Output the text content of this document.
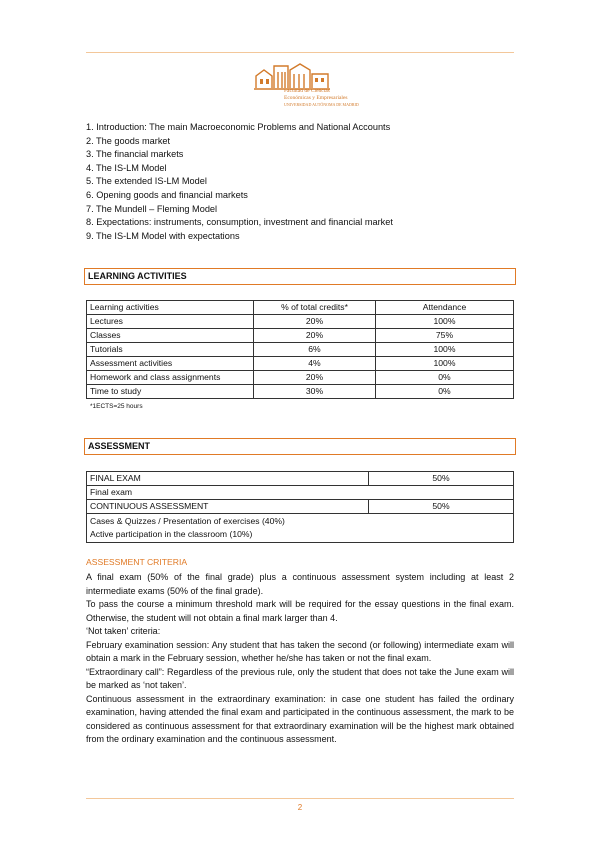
Facultad de Ciencias
Económicas y Empresariales
UNIVERSIDAD AUTÓNOMA DE MADRID
1. Introduction: The main Macroeconomic Problems and National Accounts
2. The goods market
3. The financial markets
4. The IS-LM Model
5. The extended IS-LM Model
6. Opening goods and financial markets
7. The Mundell – Fleming Model
8. Expectations: instruments, consumption, investment and financial market
9. The IS-LM Model with expectations
LEARNING ACTIVITIES
Learning activities	% of total credits*	Attendance
Lectures	20%	100%
Classes	20%	75%
Tutorials	6%	100%
Assessment activities	4%	100%
Homework and class assignments	20%	0%
Time to study	30%	0%
*1ECTS=25 hours
ASSESSMENT
FINAL EXAM	50%
Final exam	
CONTINUOUS ASSESSMENT	50%

Cases & Quizzes / Presentation of exercises (40%)
Active participation in the classroom (10%)	
ASSESSMENT CRITERIA

A final exam (50% of the final grade) plus a continuous assessment system including at least 2 intermediate exams (50% of the final grade).

To pass the course a minimum threshold mark will be required for the essay questions in the final exam. Otherwise, the student will not obtain a final mark larger than 4.

‘Not taken’ criteria:

February examination session: Any student that has taken the second (or following) intermediate exam will obtain a mark in the February session, whether he/she has taken or not the final exam.

“Extraordinary call”: Regardless of the previous rule, only the student that does not take the June exam will be marked as ‘not taken’.

Continuous assessment in the extraordinary examination: in case one student has failed the ordinary examination, having attended the final exam and participated in the continuous assessment, the mark to be considered as continuous assessment for that extraordinary examination will be the highest mark obtained from the ordinary examination and the continuous assessment.

2
